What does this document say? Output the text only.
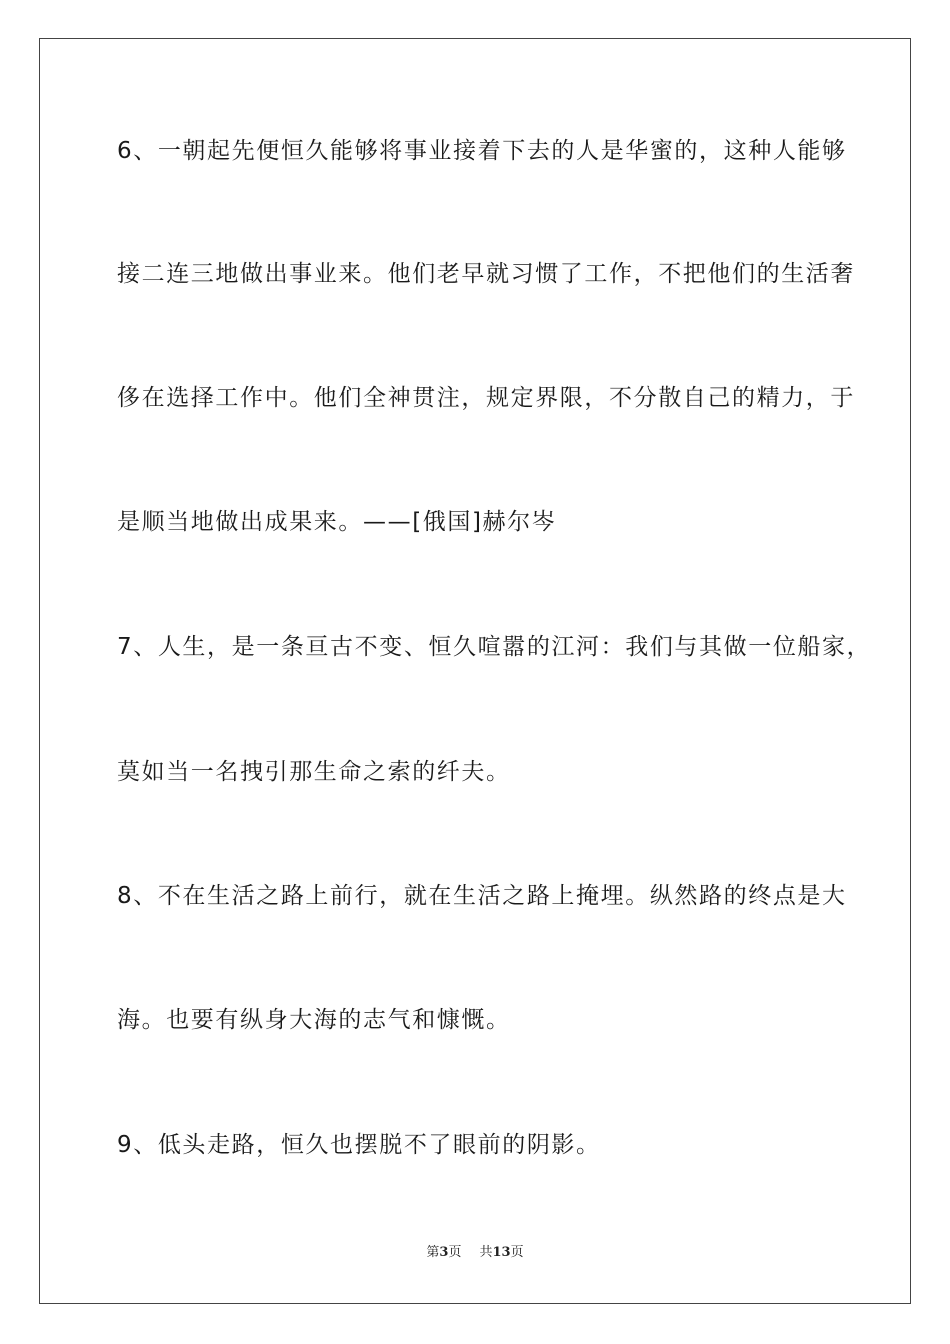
6、一朝起先便恒久能够将事业接着下去的人是华蜜的，这种人能够
接二连三地做出事业来。他们老早就习惯了工作，不把他们的生活奢
侈在选择工作中。他们全神贯注，规定界限，不分散自己的精力，于
是顺当地做出成果来。——[俄国]赫尔岑
7、人生，是一条亘古不变、恒久喧嚣的江河：我们与其做一位船家，
莫如当一名拽引那生命之索的纤夫。
8、不在生活之路上前行，就在生活之路上掩埋。纵然路的终点是大
海。也要有纵身大海的志气和慷慨。
9、低头走路，恒久也摆脱不了眼前的阴影。
第3页 共13页
